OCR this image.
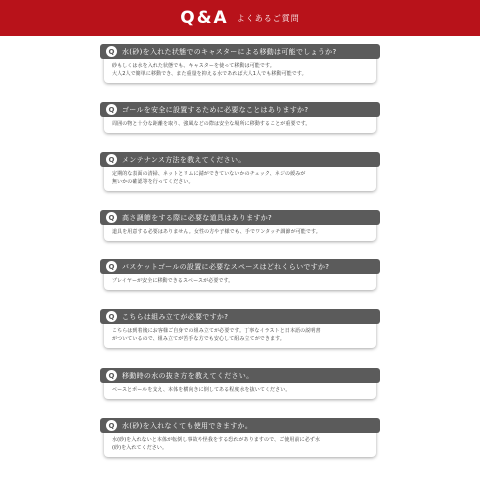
Q&A よくあるご質問
Q	水(砂)を入れた状態でのキャスターによる移動は可能でしょうか?

砂もしくは水を入れた状態でも、キャスターを使って移動は可能です。

大人2人で簡単に移動でき、また重量を抑える水であれば大人1人でも移動可能です。

Q	ゴールを安全に設置するために必要なことはありますか?

周囲の物と十分な距離を取り、強風などの際は安全な場所に移動することが重要です。

Q	メンテナンス方法を教えてください。

定期的な表面の清掃、ネットとリムに錆ができていないかのチェック、ネジの緩みが

無いかの確認等を行ってください。

Q	高さ調節をする際に必要な道具はありますか?

道具を用意する必要はありません。女性の方や子様でも、手でワンタッチ調節が可能です。

Q	バスケットゴールの設置に必要なスペースはどれくらいですか?

プレイヤーが安全に移動できるスペースが必要です。

Q	こちらは組み立てが必要ですか?

こちらは到着後にお客様ご自身での組み立てが必要です。丁寧なイラストと日本語の説明書

がついているので、組み立てが苦手な方でも安心して組み立てができます。

Q	移動時の水の抜き方を教えてください。

ベースとポールを支え、本体を横向きに倒してある程度水を抜いてください。

Q	水(砂)を入れなくても使用できますか。

水(砂)を入れないと本体が転倒し事故や怪我をする恐れがありますので、ご使用前に必ず水

(砂)を入れてください。
